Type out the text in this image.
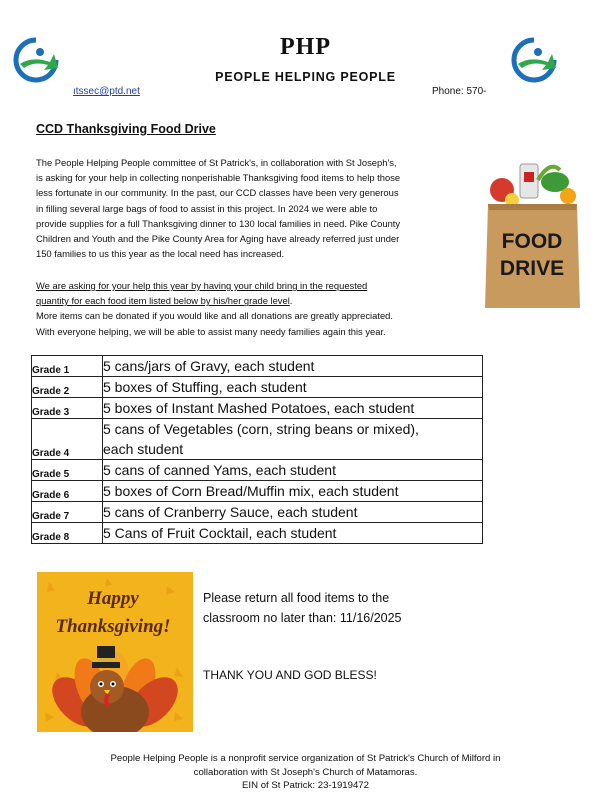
PHP
PEOPLE HELPING PEOPLE
ıtssec@ptd.net	Phone: 570-
CCD Thanksgiving Food Drive
The People Helping People committee of St Patrick's, in collaboration with St Joseph's,
is asking for your help in collecting nonperishable Thanksgiving food items to help those
less fortunate in our community. In the past, our CCD classes have been very generous
in filling several large bags of food to assist in this project. In 2024 we were able to
provide supplies for a full Thanksgiving dinner to 130 local families in need. Pike County
Children and Youth and the Pike County Area for Aging have already referred just under
150 families to us this year as the local need has increased.
We are asking for your help this year by having your child bring in the requested
quantity for each food item listed below by his/her grade level.
More items can be donated if you would like and all donations are greatly appreciated.
With everyone helping, we will be able to assist many needy families again this year.
FOOD
DRIVE
Grade 1	5 cans/jars of Gravy, each student
Grade 2	5 boxes of Stuffing, each student
Grade 3	5 boxes of Instant Mashed Potatoes, each student
Grade 4	5 cans of Vegetables (corn, string beans or mixed),
each student

Grade 5	5 cans of canned Yams, each student
Grade 6	5 boxes of Corn Bread/Muffin mix, each student
Grade 7	5 cans of Cranberry Sauce, each student
Grade 8	5 Cans of Fruit Cocktail, each student
Happy
Thanksgiving!
Please return all food items to the
classroom no later than: 11/16/2025
THANK YOU AND GOD BLESS!
People Helping People is a nonprofit service organization of St Patrick's Church of Milford in
collaboration with St Joseph's Church of Matamoras.
EIN of St Patrick: 23-1919472
